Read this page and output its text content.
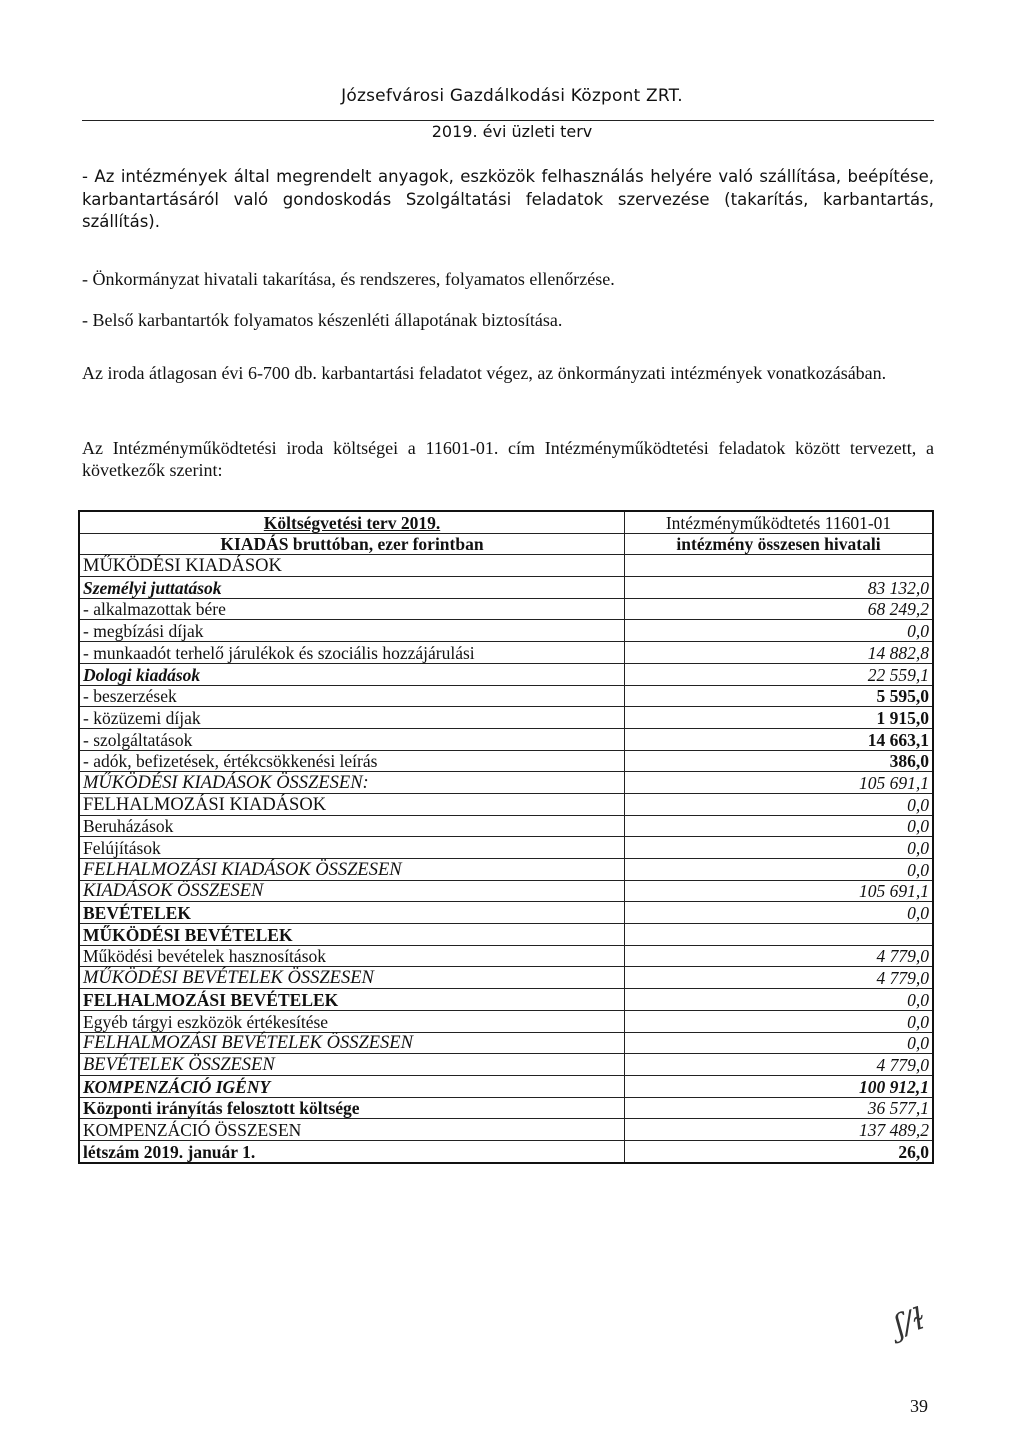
Józsefvárosi Gazdálkodási Központ ZRT.
2019. évi üzleti terv
- Az intézmények által megrendelt anyagok, eszközök felhasználás helyére való szállítása, beépítése, karbantartásáról való gondoskodás Szolgáltatási feladatok szervezése (takarítás, karbantartás, szállítás).
- Önkormányzat hivatali takarítása, és rendszeres, folyamatos ellenőrzése.
- Belső karbantartók folyamatos készenléti állapotának biztosítása.
Az iroda átlagosan évi 6-700 db. karbantartási feladatot végez, az önkormányzati intézmények vonatkozásában.
Az Intézményműködtetési iroda költségei a 11601-01. cím Intézményműködtetési feladatok között tervezett, a következők szerint:
Költségvetési terv 2019.	Intézményműködtetés 11601-01
KIADÁS bruttóban, ezer forintban	intézmény összesen hivatali
MŰKÖDÉSI KIADÁSOK	
Személyi juttatások	83 132,0
- alkalmazottak bére	68 249,2
- megbízási díjak	0,0
- munkaadót terhelő járulékok és szociális hozzájárulási	14 882,8
Dologi kiadások	22 559,1
- beszerzések	5 595,0
- közüzemi díjak	1 915,0
- szolgáltatások	14 663,1
- adók, befizetések, értékcsökkenési leírás	386,0
MŰKÖDÉSI KIADÁSOK ÖSSZESEN:	105 691,1
FELHALMOZÁSI KIADÁSOK	0,0
Beruházások	0,0
Felújítások	0,0
FELHALMOZÁSI KIADÁSOK ÖSSZESEN	0,0
KIADÁSOK ÖSSZESEN	105 691,1
BEVÉTELEK	0,0
MŰKÖDÉSI BEVÉTELEK	
Működési bevételek hasznosítások	4 779,0
MŰKÖDÉSI BEVÉTELEK ÖSSZESEN	4 779,0
FELHALMOZÁSI BEVÉTELEK	0,0
Egyéb tárgyi eszközök értékesítése	0,0
FELHALMOZÁSI BEVÉTELEK ÖSSZESEN	0,0
BEVÉTELEK ÖSSZESEN	4 779,0
KOMPENZÁCIÓ IGÉNY	100 912,1
Központi irányítás felosztott költsége	36 577,1
KOMPENZÁCIÓ ÖSSZESEN	137 489,2
létszám 2019. január 1.	26,0
ʃ/ɫ
39
